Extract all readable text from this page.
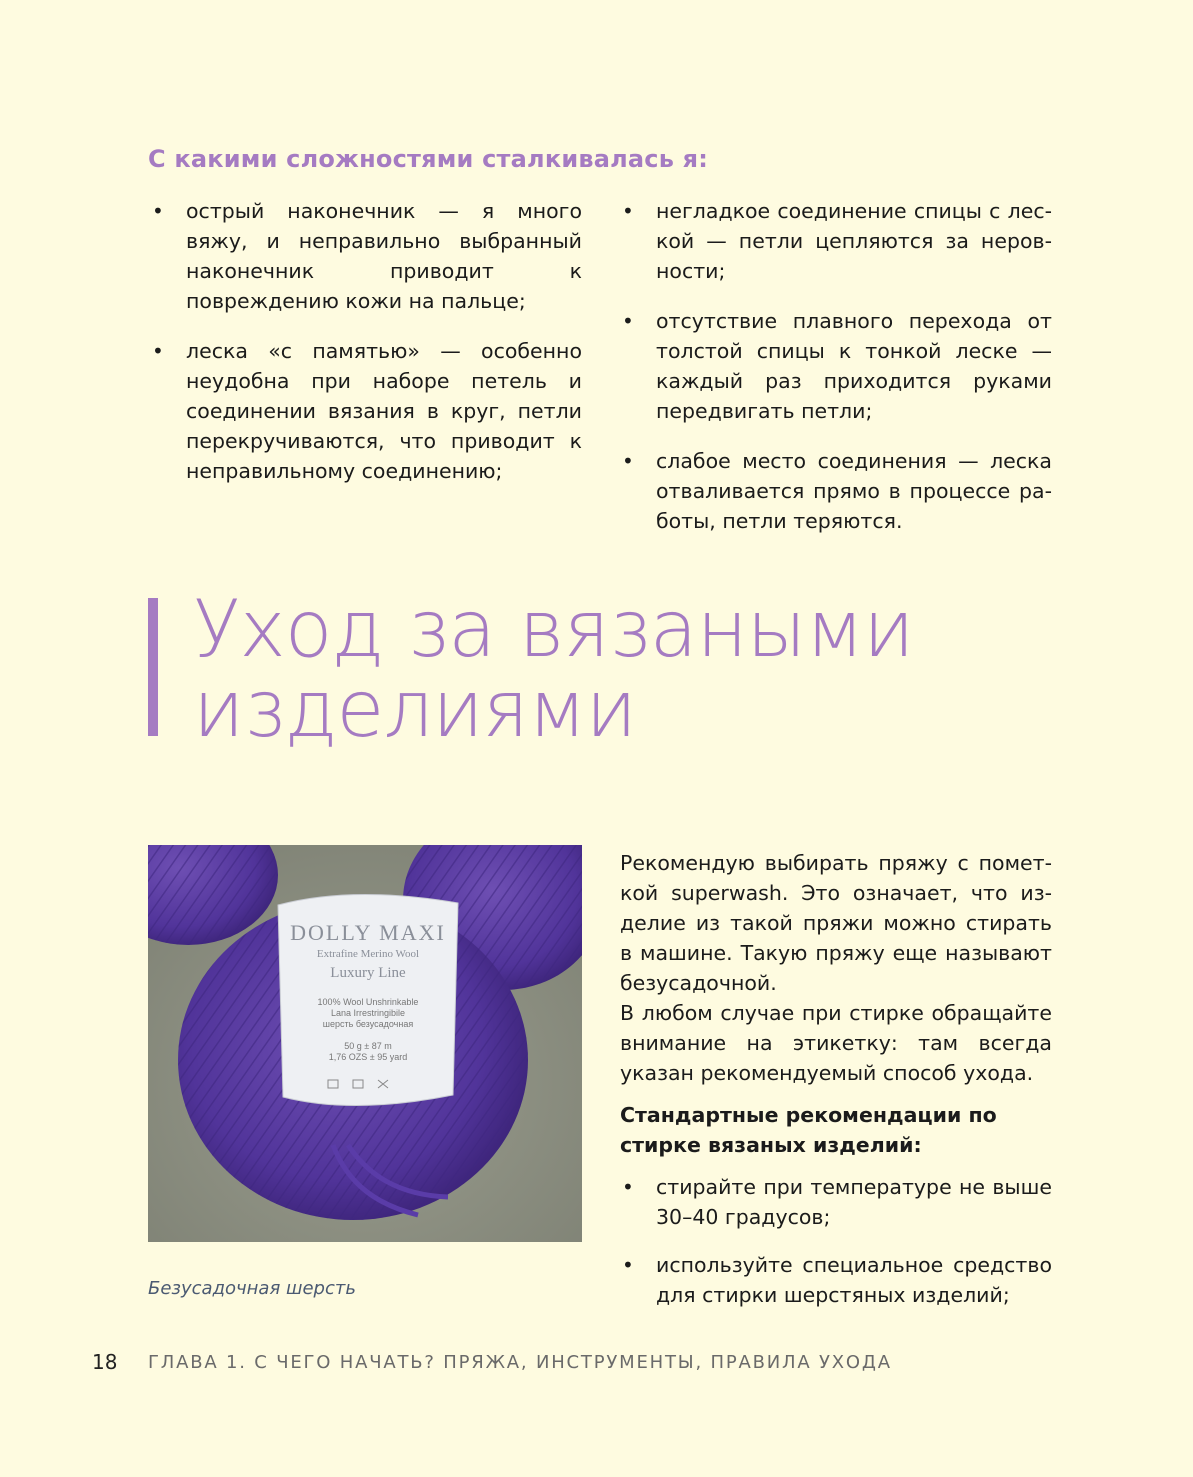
С какими сложностями сталкивалась я:
• острый наконечник — я много вяжу, и неправильно выбранный наконечник приводит к повреждению кожи на пальце;
• леска «с памятью» — особенно неудобна при наборе петель и соединении вязания в круг, петли перекручиваются, что приводит к неправильному соединению;
• негладкое соединение спицы с леской — петли цепляются за неровности;
• отсутствие плавного перехода от толстой спицы к тонкой леске — каждый раз приходится руками передвигать петли;
• слабое место соединения — леска отваливается прямо в процессе работы, петли теряются.
Уход за вязаными
изделиями
DOLLY MAXI
Extrafine Merino Wool
Luxury Line
100% Wool Unshrinkable
Lana Irrestringibile
шерсть безусадочная
50 g ± 87 m
1,76 OZS ± 95 yard
Безусадочная шерсть

Рекомендую выбирать пряжу с пометкой superwash. Это означает, что изделие из такой пряжи можно стирать в машине. Такую пряжу еще называют безусадочной.

В любом случае при стирке обращайте внимание на этикетку: там всегда указан рекомендуемый способ ухода.

Стандартные рекомендации по стирке вязаных изделий:
• стирайте при температуре не выше 30–40 градусов;
• используйте специальное средство для стирки шерстяных изделий;
18 ГЛАВА 1. С ЧЕГО НАЧАТЬ? ПРЯЖА, ИНСТРУМЕНТЫ, ПРАВИЛА УХОДА
